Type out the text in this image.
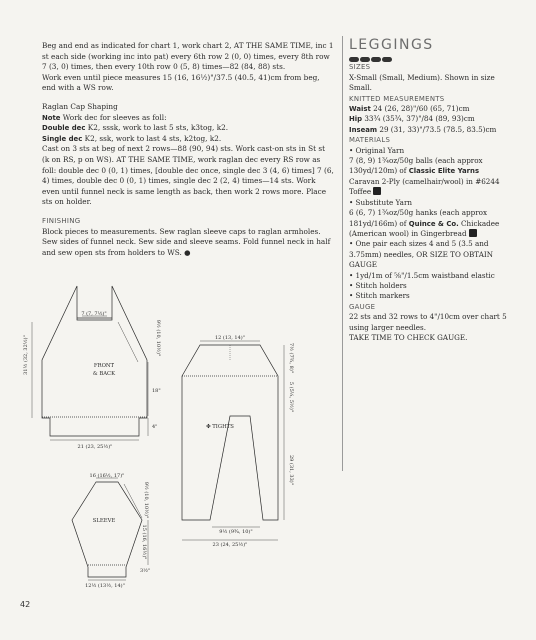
Beg and end as indicated for chart 1, work chart 2, AT THE SAME TIME, inc 1 st each side (working inc into pat) every 6th row 2 (0, 0) times, every 8th row 7 (3, 0) times, then every 10th row 0 (5, 8) times—82 (84, 88) sts.

Work even until piece measures 15 (16, 16½)"/37.5 (40.5, 41)cm from beg, end with a WS row.

Raglan Cap Shaping

Note Work dec for sleeves as foll:

Double dec K2, sssk, work to last 5 sts, k3tog, k2.

Single dec K2, ssk, work to last 4 sts, k2tog, k2.

Cast on 3 sts at beg of next 2 rows—88 (90, 94) sts. Work cast-on sts in St st (k on RS, p on WS). AT THE SAME TIME, work raglan dec every RS row as foll: double dec 0 (0, 1) times, [double dec once, single dec 3 (4, 6) times] 7 (6, 4) times, double dec 0 (0, 1) times, single dec 2 (2, 4) times—14 sts. Work even until funnel neck is same length as back, then work 2 rows more. Place sts on holder.

FINISHING

Block pieces to measurements. Sew raglan sleeve caps to raglan armholes. Sew sides of funnel neck. Sew side and sleeve seams. Fold funnel neck in half and sew open sts from holders to WS. ●

7 (7, 7½)"
9½ (10, 10½)"
FRONT
& BACK
31½ (32, 32½)"
18"
4"
21 (23, 25½)"
12 (13, 14)"
7½ (7¾, 8)"
5 (5¼, 5½)"
✤ TIGHTS
29 (31, 33)"
9½ (9¾, 10)"
23 (24, 25½)"
16 (16½, 17)"
9½ (10, 10½)"
SLEEVE
15 (16, 16½)"
3½"
12½ (13½, 14)"
LEGGINGS

SIZES

X-Small (Small, Medium). Shown in size Small.

KNITTED MEASUREMENTS

Waist 24 (26, 28)"/60 (65, 71)cm

Hip 33¾ (35¾, 37)"/84 (89, 93)cm

Inseam 29 (31, 33)"/73.5 (78.5, 83.5)cm

MATERIALS

• Original Yarn

7 (8, 9) 1¾oz/50g balls (each approx 130yd/120m) of Classic Elite Yarns Caravan 2-Ply (camelhair/wool) in #6244 Toffee

• Substitute Yarn

6 (6, 7) 1¾oz/50g hanks (each approx 181yd/166m) of Quince & Co. Chickadee (American wool) in Gingerbread

• One pair each sizes 4 and 5 (3.5 and 3.75mm) needles, OR SIZE TO OBTAIN GAUGE

• 1yd/1m of ⅝"/1.5cm waistband elastic

• Stitch holders

• Stitch markers

GAUGE

22 sts and 32 rows to 4"/10cm over chart 5 using larger needles.

TAKE TIME TO CHECK GAUGE.

42
